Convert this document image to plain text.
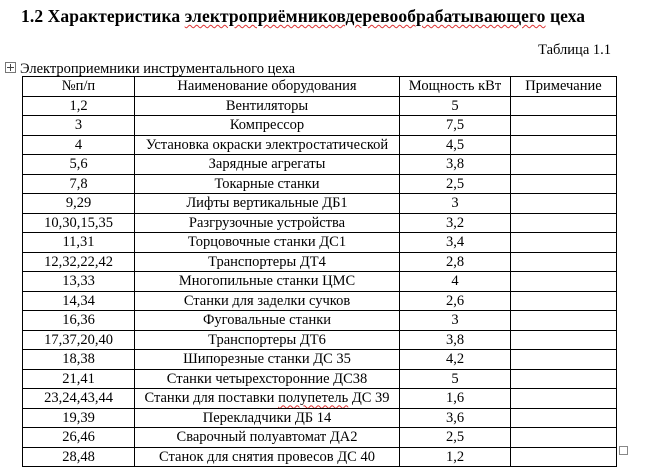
1.2 Характеристика электроприёмниковдеревообрабатывающего цеха
Таблица 1.1
Электроприемники инструментального цеха
№п/п	Наименование оборудования	Мощность кВт	Примечание
1,2	Вентиляторы	5	
3	Компрессор	7,5	
4	Установка окраски электростатической	4,5	
5,6	Зарядные агрегаты	3,8	
7,8	Токарные станки	2,5	
9,29	Лифты вертикальные ДБ1	3	
10,30,15,35	Разгрузочные устройства	3,2	
11,31	Торцовочные станки ДС1	3,4	
12,32,22,42	Транспортеры ДТ4	2,8	
13,33	Многопильные станки ЦМС	4	
14,34	Станки для заделки сучков	2,6	
16,36	Фуговальные станки	3	
17,37,20,40	Транспортеры ДТ6	3,8	
18,38	Шипорезные станки ДС 35	4,2	
21,41	Станки четырехсторонние ДС38	5	
23,24,43,44	Станки для поставки полупетель ДС 39	1,6	
19,39	Перекладчики ДБ 14	3,6	
26,46	Сварочный полуавтомат ДА2	2,5	
28,48	Станок для снятия провесов ДС 40	1,2	
